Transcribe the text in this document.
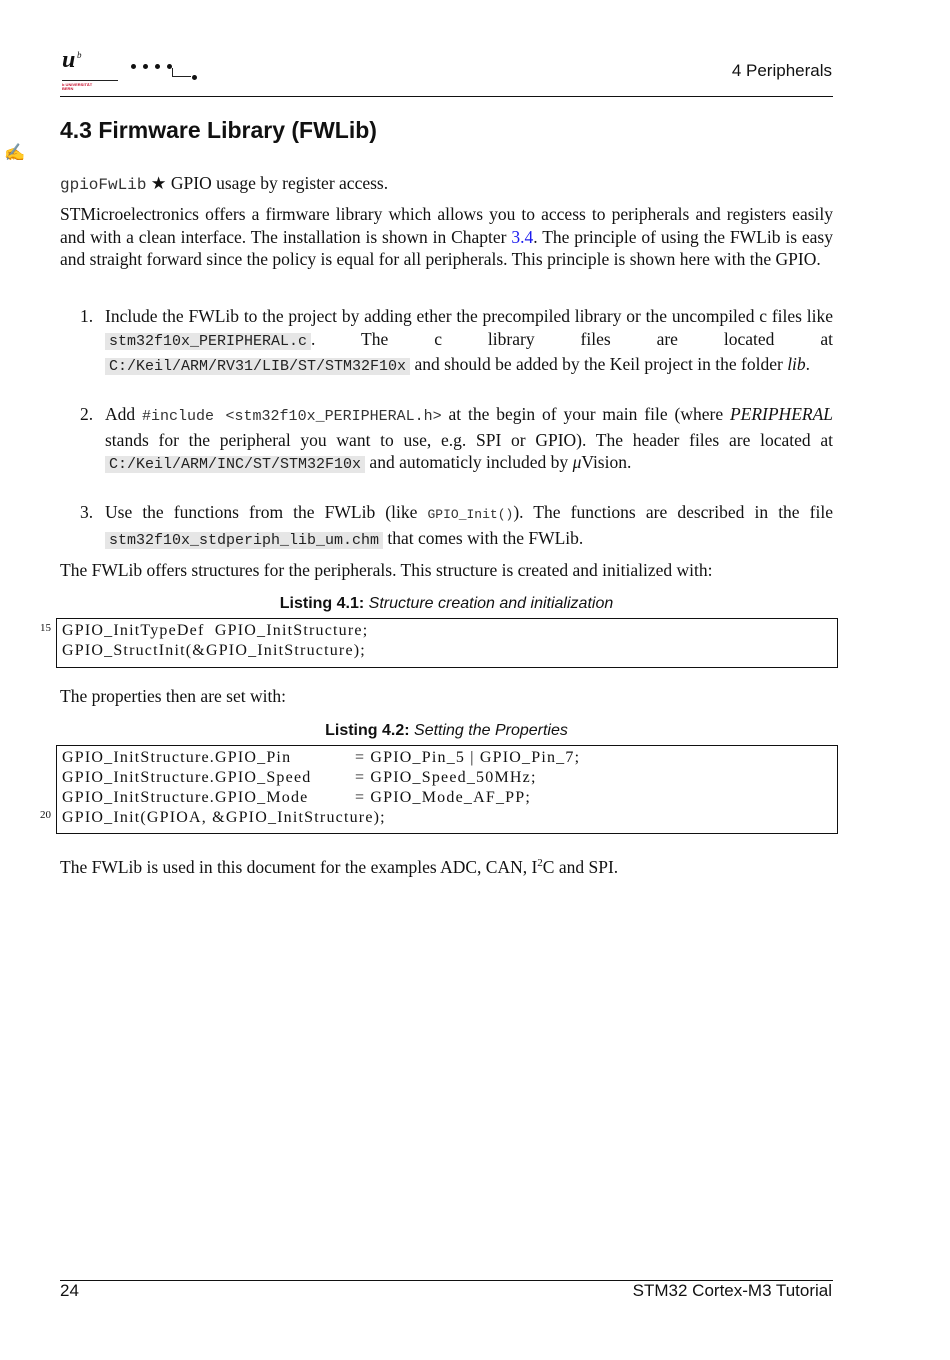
u b
b UNIVERSITÄT BERN
4 Peripherals
4.3 Firmware Library (FWLib)
✍
gpioFwLib ★ GPIO usage by register access.
STMicroelectronics offers a firmware library which allows you to access to peripherals and registers easily and with a clean interface. The installation is shown in Chapter 3.4. The principle of using the FWLib is easy and straight forward since the policy is equal for all peripherals. This principle is shown here with the GPIO.
1. Include the FWLib to the project by adding ether the precompiled library or the uncompiled c files like stm32f10x_PERIPHERAL.c . The c library files are located at C:/Keil/ARM/RV31/LIB/ST/STM32F10x and should be added by the Keil project in the folder lib.
2. Add #include <stm32f10x_PERIPHERAL.h> at the begin of your main file (where PERIPHERAL stands for the peripheral you want to use, e.g. SPI or GPIO). The header files are located at C:/Keil/ARM/INC/ST/STM32F10x and automaticly included by μVision.
3. Use the functions from the FWLib (like GPIO_Init()). The functions are described in the file stm32f10x_stdperiph_lib_um.chm that comes with the FWLib.
The FWLib offers structures for the peripherals. This structure is created and initialized with:
Listing 4.1: Structure creation and initialization
15 GPIO_InitTypeDef  GPIO_InitStructure;
GPIO_StructInit(&GPIO_InitStructure);
The properties then are set with:
Listing 4.2: Setting the Properties
GPIO_InitStructure.GPIO_Pin	= GPIO_Pin_5 | GPIO_Pin_7;
GPIO_InitStructure.GPIO_Speed	= GPIO_Speed_50MHz;
GPIO_InitStructure.GPIO_Mode	= GPIO_Mode_AF_PP;
20 GPIO_Init(GPIOA, &GPIO_InitStructure);
The FWLib is used in this document for the examples ADC, CAN, $I^2C$ and SPI.
24	STM32 Cortex-M3 Tutorial
